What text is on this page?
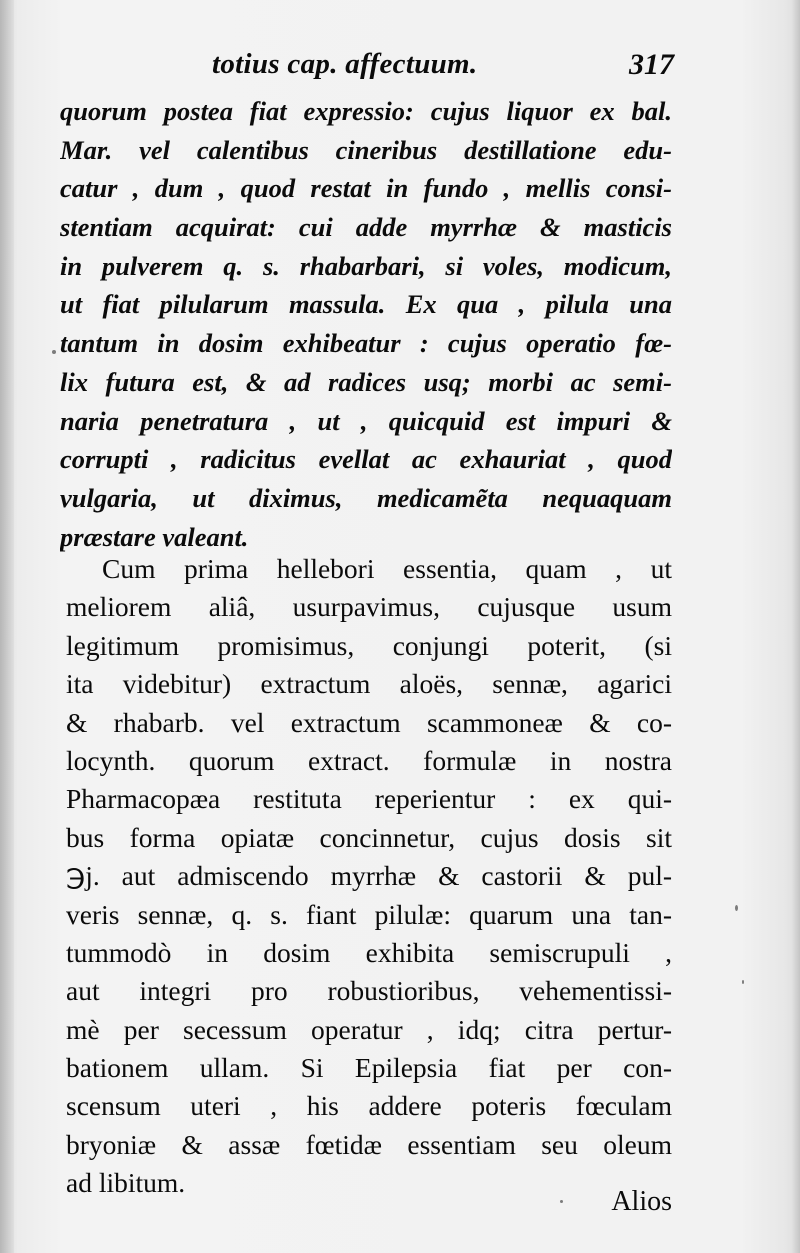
totius cap. affectuum.	317
quorum postea fiat expressio: cujus liquor ex bal.
Mar. vel calentibus cineribus destillatione edu-
catur , dum , quod restat in fundo , mellis consi-
stentiam acquirat: cui adde myrrhæ & masticis
in pulverem q. s. rhabarbari, si voles, modicum,
ut fiat pilularum massula. Ex qua , pilula una
tantum in dosim exhibeatur : cujus operatio fœ-
lix futura est, & ad radices usq; morbi ac semi-
naria penetratura , ut , quicquid est impuri &
corrupti , radicitus evellat ac exhauriat , quod
vulgaria, ut diximus, medicamẽta nequaquam
præstare valeant.
Cum prima hellebori essentia, quam , ut
meliorem aliâ, usurpavimus, cujusque usum
legitimum promisimus, conjungi poterit, (si
ita videbitur) extractum aloës, sennæ, agarici
& rhabarb. vel extractum scammoneæ & co-
locynth. quorum extract. formulæ in nostra
Pharmacopæa restituta reperientur : ex qui-
bus forma opiatæ concinnetur, cujus dosis sit
℈j. aut admiscendo myrrhæ & castorii & pul-
veris sennæ, q. s. fiant pilulæ: quarum una tan-
tummodò in dosim exhibita semiscrupuli ,
aut integri pro robustioribus, vehementissi-
mè per secessum operatur , idq; citra pertur-
bationem ullam. Si Epilepsia fiat per con-
scensum uteri , his addere poteris fœculam
bryoniæ & assæ fœtidæ essentiam seu oleum
ad libitum.
Alios
